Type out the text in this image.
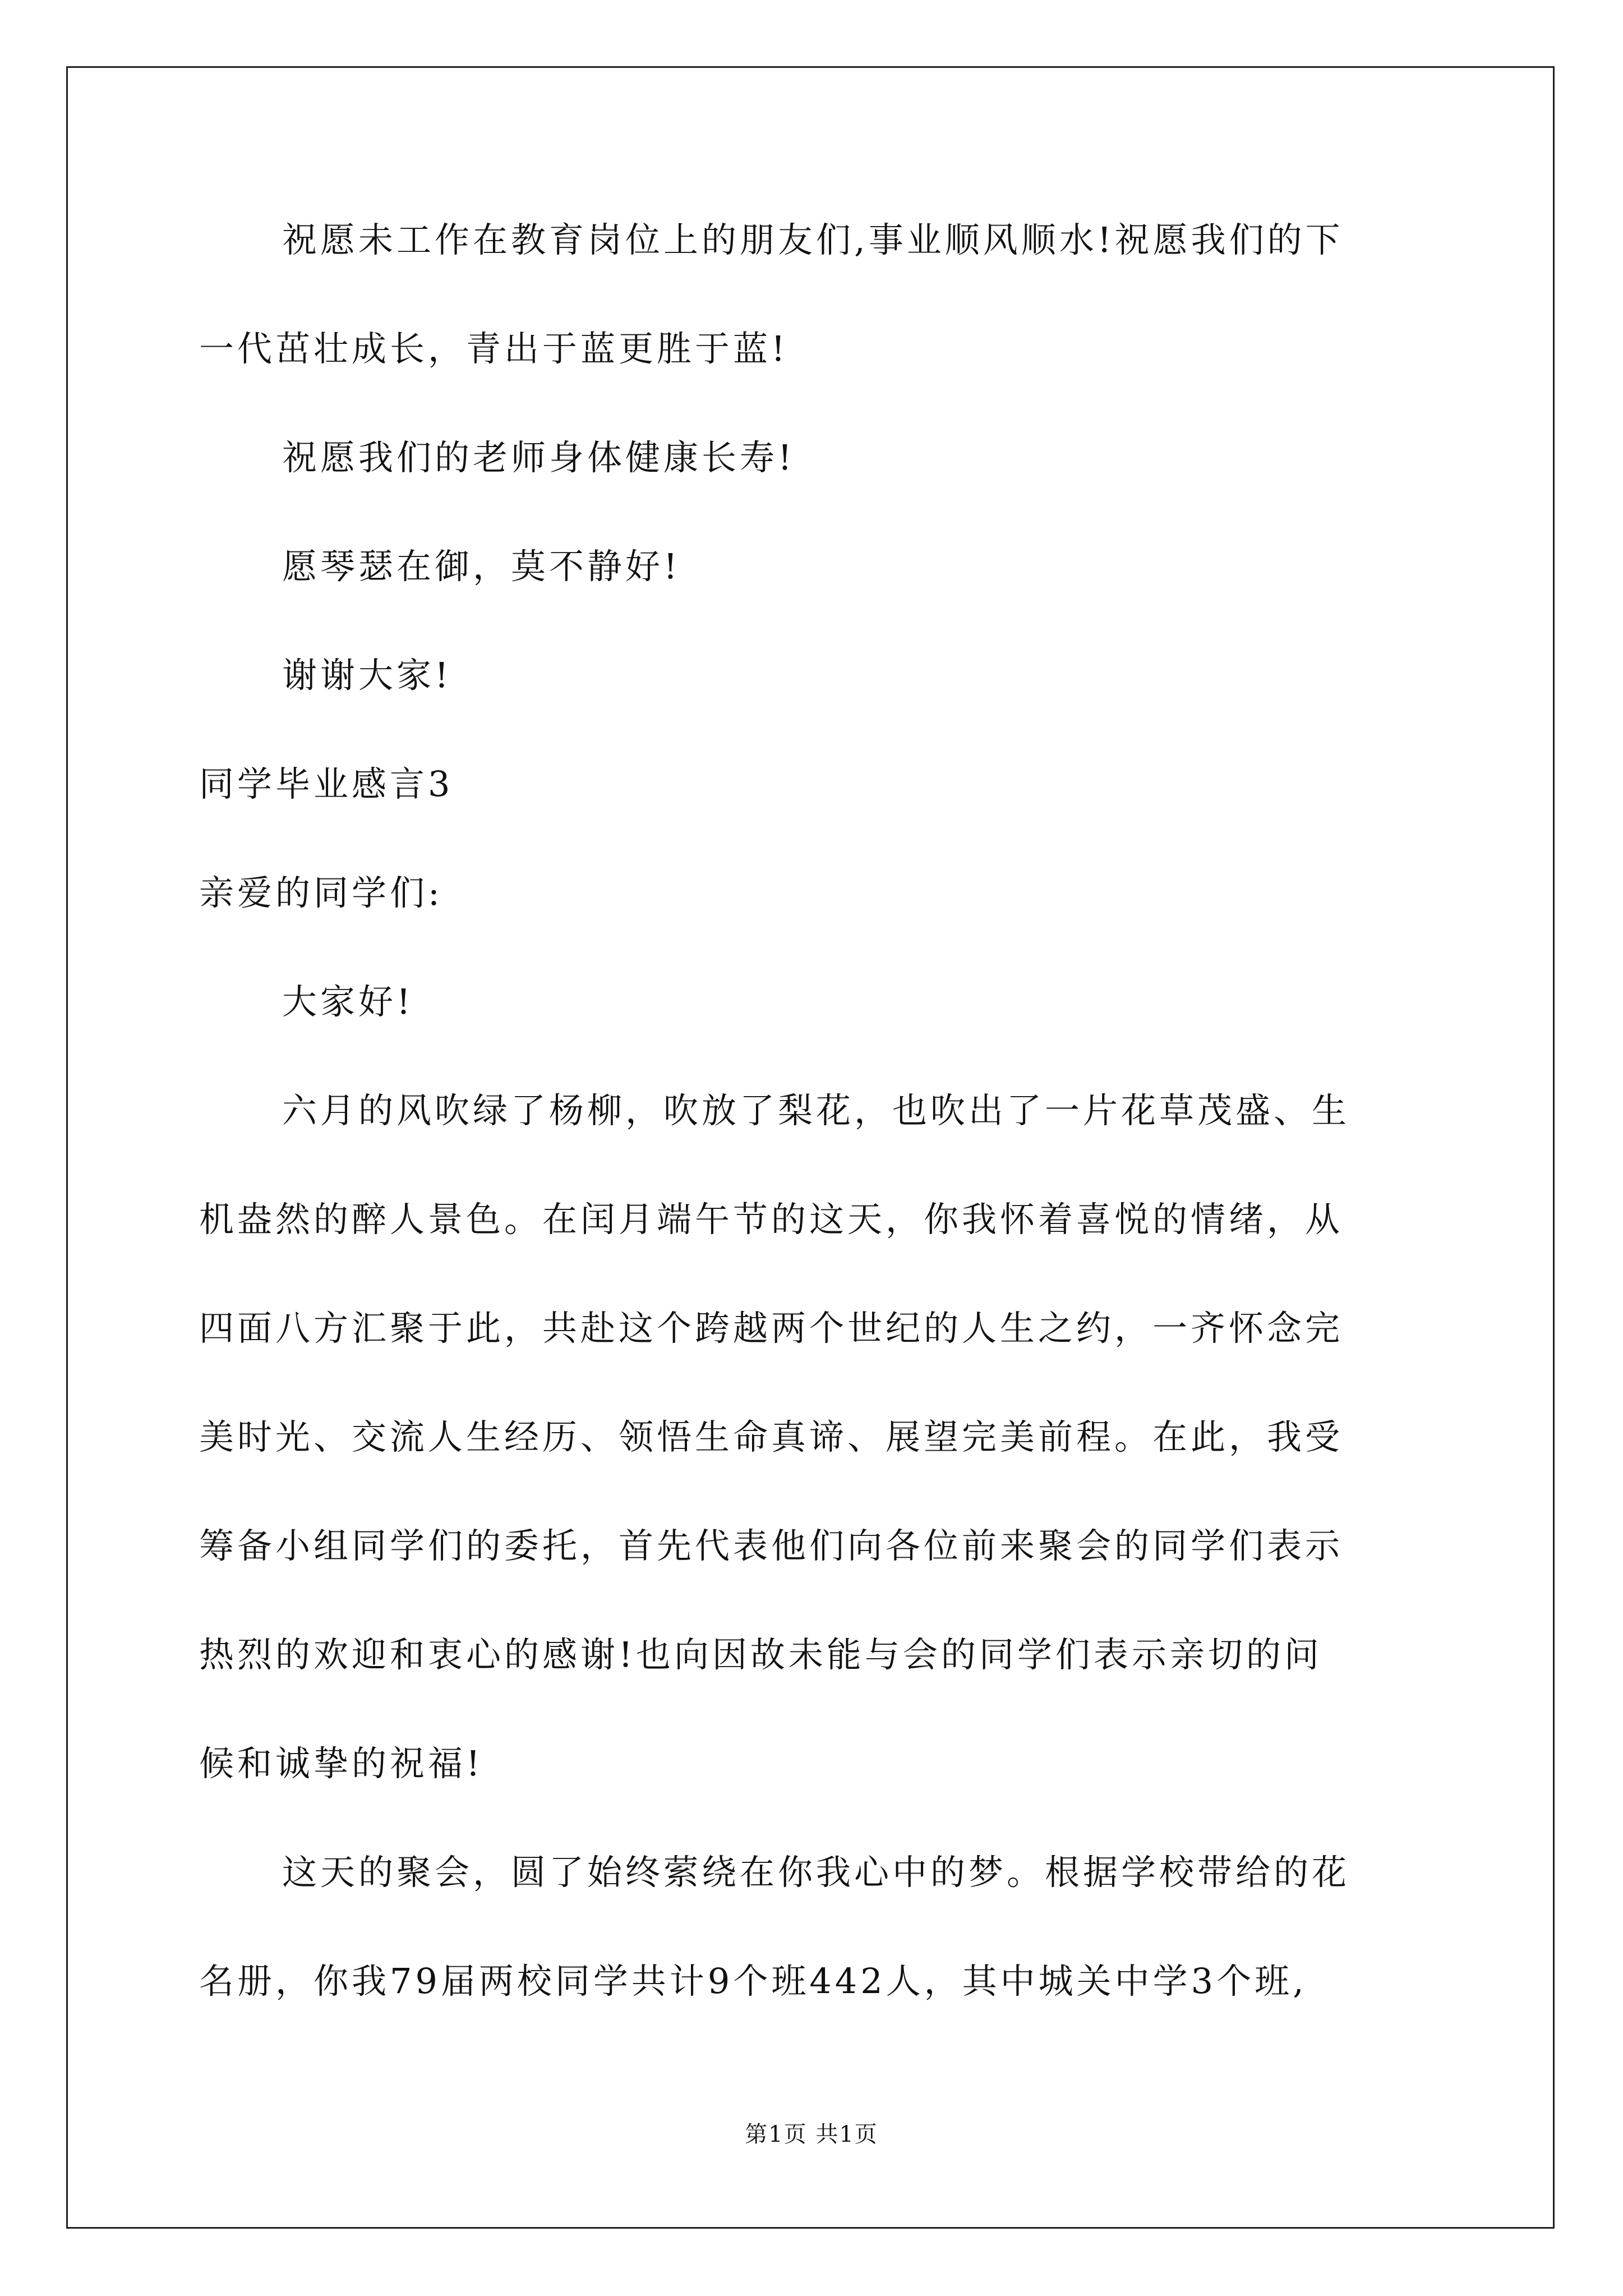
祝愿未工作在教育岗位上的朋友们,事业顺风顺水!祝愿我们的下
一代茁壮成长，青出于蓝更胜于蓝!
祝愿我们的老师身体健康长寿!
愿琴瑟在御，莫不静好!
谢谢大家!
同学毕业感言3
亲爱的同学们:
大家好!
六月的风吹绿了杨柳，吹放了梨花，也吹出了一片花草茂盛、生
机盎然的醉人景色。在闰月端午节的这天，你我怀着喜悦的情绪，从
四面八方汇聚于此，共赴这个跨越两个世纪的人生之约，一齐怀念完
美时光、交流人生经历、领悟生命真谛、展望完美前程。在此，我受
筹备小组同学们的委托，首先代表他们向各位前来聚会的同学们表示
热烈的欢迎和衷心的感谢!也向因故未能与会的同学们表示亲切的问
候和诚挚的祝福!
这天的聚会，圆了始终萦绕在你我心中的梦。根据学校带给的花
名册，你我79届两校同学共计9个班442人，其中城关中学3个班,
第1页 共1页
